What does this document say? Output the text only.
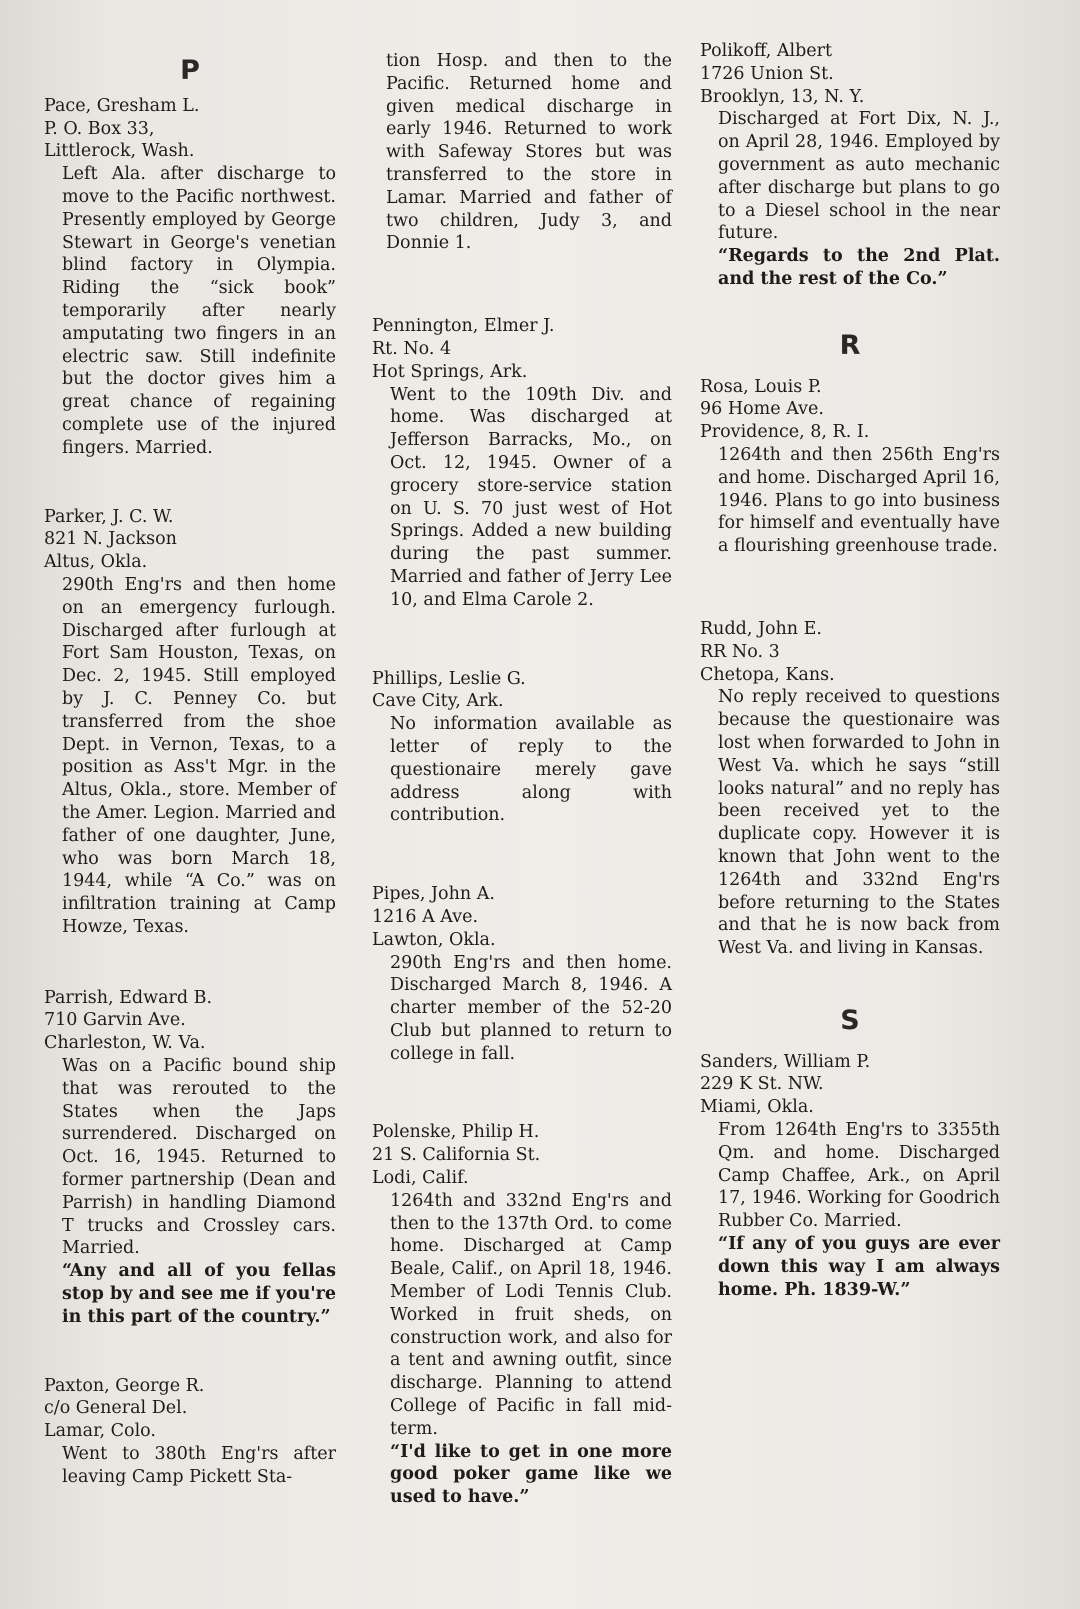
P

Pace, Gresham L.

P. O. Box 33,

Littlerock, Wash.

Left Ala. after discharge to move to the Pacific northwest. Presently employed by George Stewart in George's venetian blind factory in Olympia. Riding the “sick book” temporarily after nearly amputating two fingers in an electric saw. Still indefinite but the doctor gives him a great chance of regaining complete use of the injured fingers. Married.

Parker, J. C. W.

821 N. Jackson

Altus, Okla.

290th Eng'rs and then home on an emergency furlough. Discharged after furlough at Fort Sam Houston, Texas, on Dec. 2, 1945. Still employed by J. C. Penney Co. but transferred from the shoe Dept. in Vernon, Texas, to a position as Ass't Mgr. in the Altus, Okla., store. Member of the Amer. Legion. Married and father of one daughter, June, who was born March 18, 1944, while “A Co.” was on infiltration training at Camp Howze, Texas.

Parrish, Edward B.

710 Garvin Ave.

Charleston, W. Va.

Was on a Pacific bound ship that was rerouted to the States when the Japs surrendered. Discharged on Oct. 16, 1945. Returned to former partnership (Dean and Parrish) in handling Diamond T trucks and Crossley cars. Married.

“Any and all of you fellas stop by and see me if you're in this part of the country.”

Paxton, George R.

c/o General Del.

Lamar, Colo.

Went to 380th Eng'rs after leaving Camp Pickett Sta-

tion Hosp. and then to the Pacific. Returned home and given medical discharge in early 1946. Returned to work with Safeway Stores but was transferred to the store in Lamar. Married and father of two children, Judy 3, and Donnie 1.

Pennington, Elmer J.

Rt. No. 4

Hot Springs, Ark.

Went to the 109th Div. and home. Was discharged at Jefferson Barracks, Mo., on Oct. 12, 1945. Owner of a grocery store-service station on U. S. 70 just west of Hot Springs. Added a new building during the past summer. Married and father of Jerry Lee 10, and Elma Carole 2.

Phillips, Leslie G.

Cave City, Ark.

No information available as letter of reply to the questionaire merely gave address along with contribution.

Pipes, John A.

1216 A Ave.

Lawton, Okla.

290th Eng'rs and then home. Discharged March 8, 1946. A charter member of the 52-20 Club but planned to return to college in fall.

Polenske, Philip H.

21 S. California St.

Lodi, Calif.

1264th and 332nd Eng'rs and then to the 137th Ord. to come home. Discharged at Camp Beale, Calif., on April 18, 1946. Member of Lodi Tennis Club. Worked in fruit sheds, on construction work, and also for a tent and awning outfit, since discharge. Planning to attend College of Pacific in fall mid-term.

“I'd like to get in one more good poker game like we used to have.”

Polikoff, Albert

1726 Union St.

Brooklyn, 13, N. Y.

Discharged at Fort Dix, N. J., on April 28, 1946. Employed by government as auto mechanic after discharge but plans to go to a Diesel school in the near future.

“Regards to the 2nd Plat. and the rest of the Co.”

R

Rosa, Louis P.

96 Home Ave.

Providence, 8, R. I.

1264th and then 256th Eng'rs and home. Discharged April 16, 1946. Plans to go into business for himself and eventually have a flourishing greenhouse trade.

Rudd, John E.

RR No. 3

Chetopa, Kans.

No reply received to questions because the questionaire was lost when forwarded to John in West Va. which he says “still looks natural” and no reply has been received yet to the duplicate copy. However it is known that John went to the 1264th and 332nd Eng'rs before returning to the States and that he is now back from West Va. and living in Kansas.

S

Sanders, William P.

229 K St. NW.

Miami, Okla.

From 1264th Eng'rs to 3355th Qm. and home. Discharged Camp Chaffee, Ark., on April 17, 1946. Working for Goodrich Rubber Co. Married.

“If any of you guys are ever down this way I am always home. Ph. 1839-W.”
